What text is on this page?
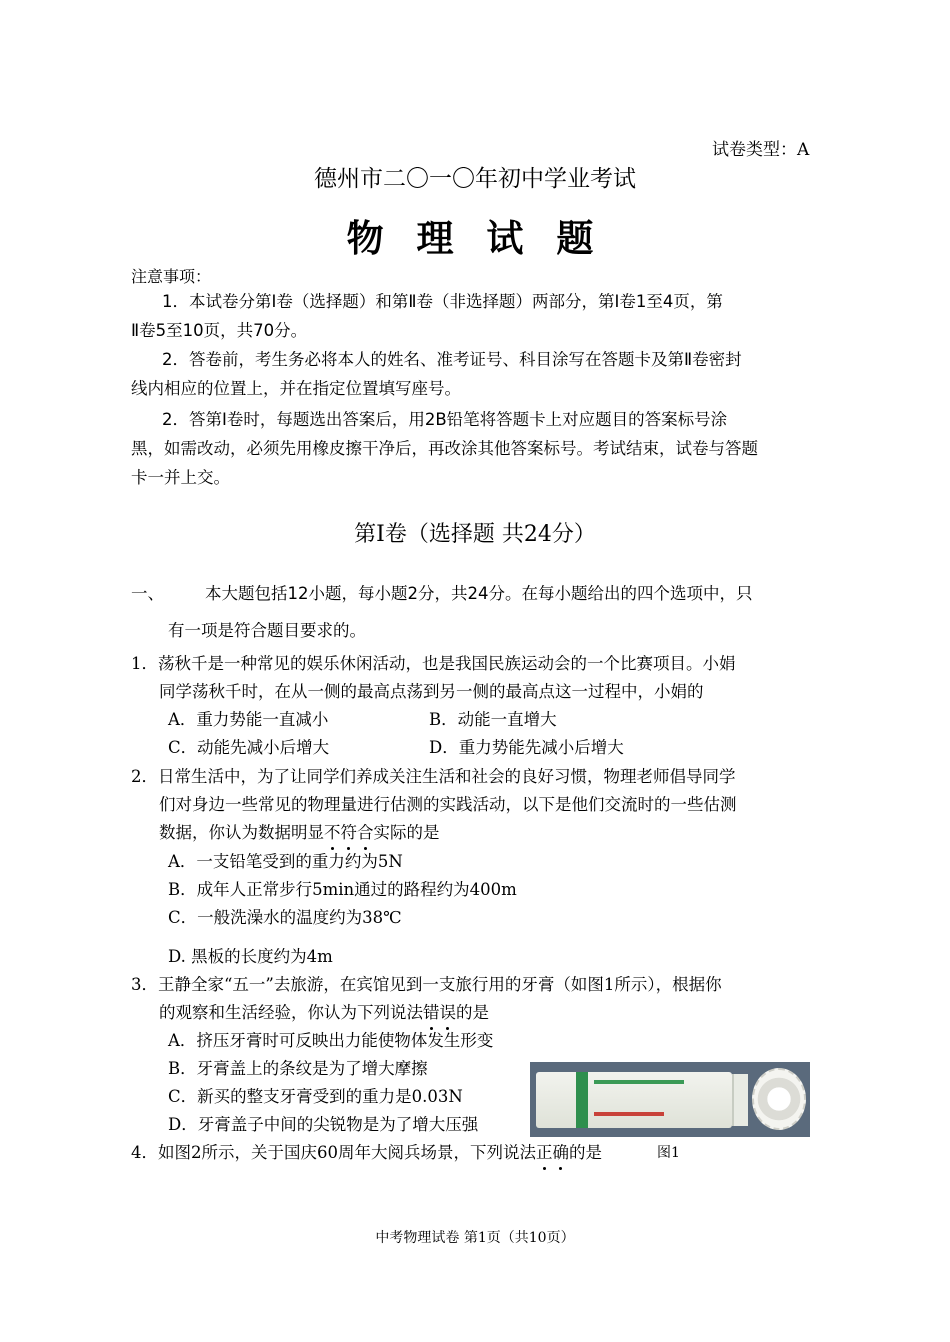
试卷类型：A
德州市二〇一〇年初中学业考试
物 理 试 题
注意事项：
1．本试卷分第Ⅰ卷（选择题）和第Ⅱ卷（非选择题）两部分，第Ⅰ卷1至4页，第
Ⅱ卷5至10页，共70分。
2．答卷前，考生务必将本人的姓名、准考证号、科目涂写在答题卡及第Ⅱ卷密封
线内相应的位置上，并在指定位置填写座号。
2．答第Ⅰ卷时，每题选出答案后，用2B铅笔将答题卡上对应题目的答案标号涂
黑，如需改动，必须先用橡皮擦干净后，再改涂其他答案标号。考试结束，试卷与答题
卡一并上交。
第Ⅰ卷（选择题 共24分）
一、 本大题包括12小题，每小题2分，共24分。在每小题给出的四个选项中，只
有一项是符合题目要求的。
1．荡秋千是一种常见的娱乐休闲活动，也是我国民族运动会的一个比赛项目。小娟
同学荡秋千时，在从一侧的最高点荡到另一侧的最高点这一过程中，小娟的
A．重力势能一直减小	B．动能一直增大
C．动能先减小后增大	D．重力势能先减小后增大
2．日常生活中，为了让同学们养成关注生活和社会的良好习惯，物理老师倡导同学
们对身边一些常见的物理量进行估测的实践活动，以下是他们交流时的一些估测
数据，你认为数据明显不符合实际的是
A．一支铅笔受到的重力约为5N
B．成年人正常步行5min通过的路程约为400m
C．一般洗澡水的温度约为38℃
D. 黑板的长度约为4m
3．王静全家“五一”去旅游，在宾馆见到一支旅行用的牙膏（如图1所示），根据你
的观察和生活经验，你认为下列说法错误的是
A．挤压牙膏时可反映出力能使物体发生形变
B．牙膏盖上的条纹是为了增大摩擦
C．新买的整支牙膏受到的重力是0.03N
D．牙膏盖子中间的尖锐物是为了增大压强
4．如图2所示，关于国庆60周年大阅兵场景，下列说法正确的是	图1
中考物理试卷 第1页（共10页）
